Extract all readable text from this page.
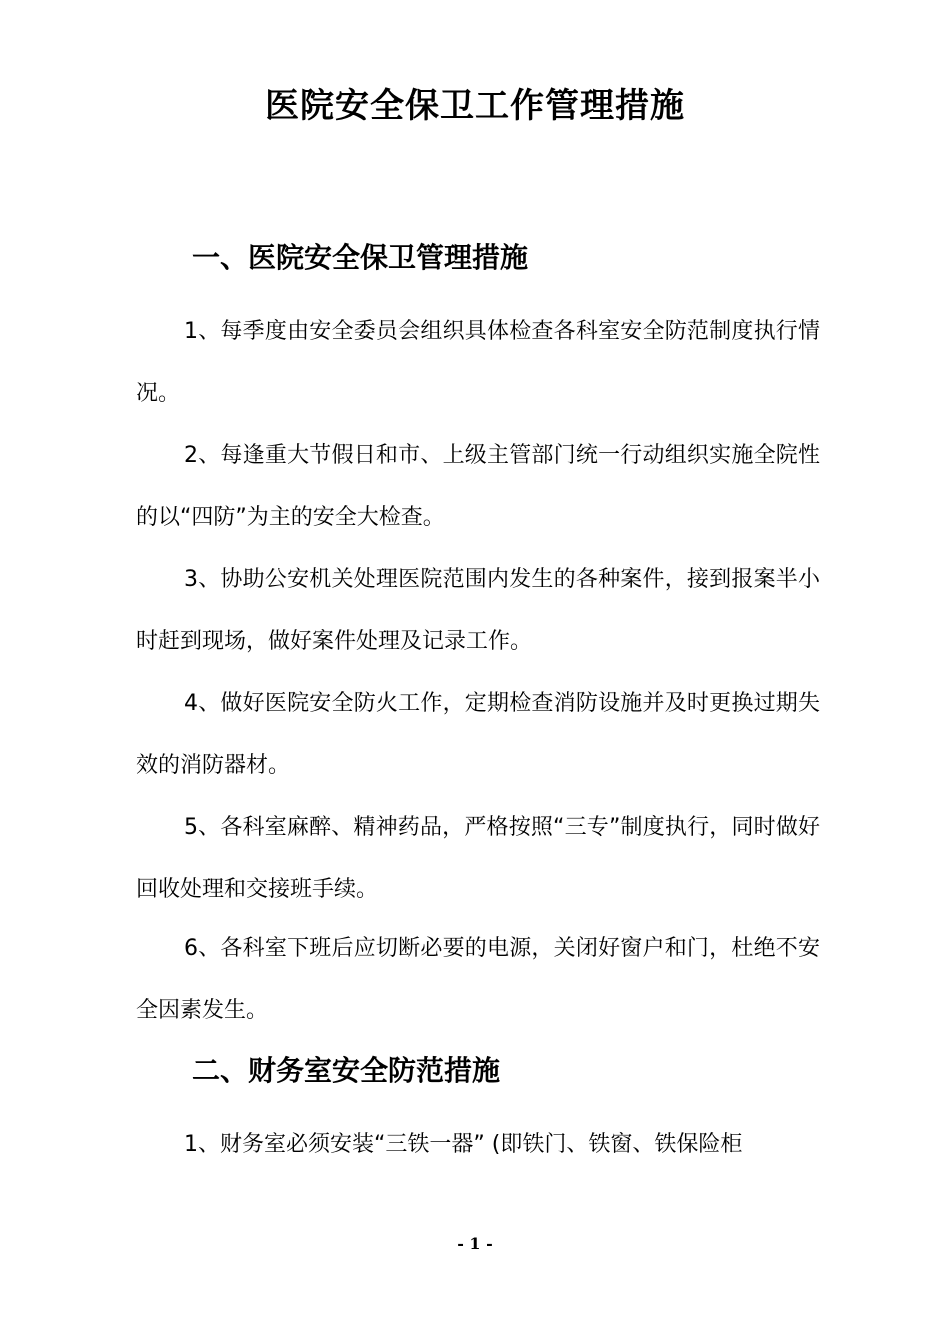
医院安全保卫工作管理措施
一、医院安全保卫管理措施

1、每季度由安全委员会组织具体检查各科室安全防范制度执行情况。

2、每逢重大节假日和市、上级主管部门统一行动组织实施全院性的以“四防”为主的安全大检查。

3、协助公安机关处理医院范围内发生的各种案件，接到报案半小时赶到现场，做好案件处理及记录工作。

4、做好医院安全防火工作，定期检查消防设施并及时更换过期失效的消防器材。

5、各科室麻醉、精神药品，严格按照“三专”制度执行，同时做好回收处理和交接班手续。

6、各科室下班后应切断必要的电源，关闭好窗户和门，杜绝不安全因素发生。

二、财务室安全防范措施

1、财务室必须安装“三铁一器” (即铁门、铁窗、铁保险柜

- 1 -
